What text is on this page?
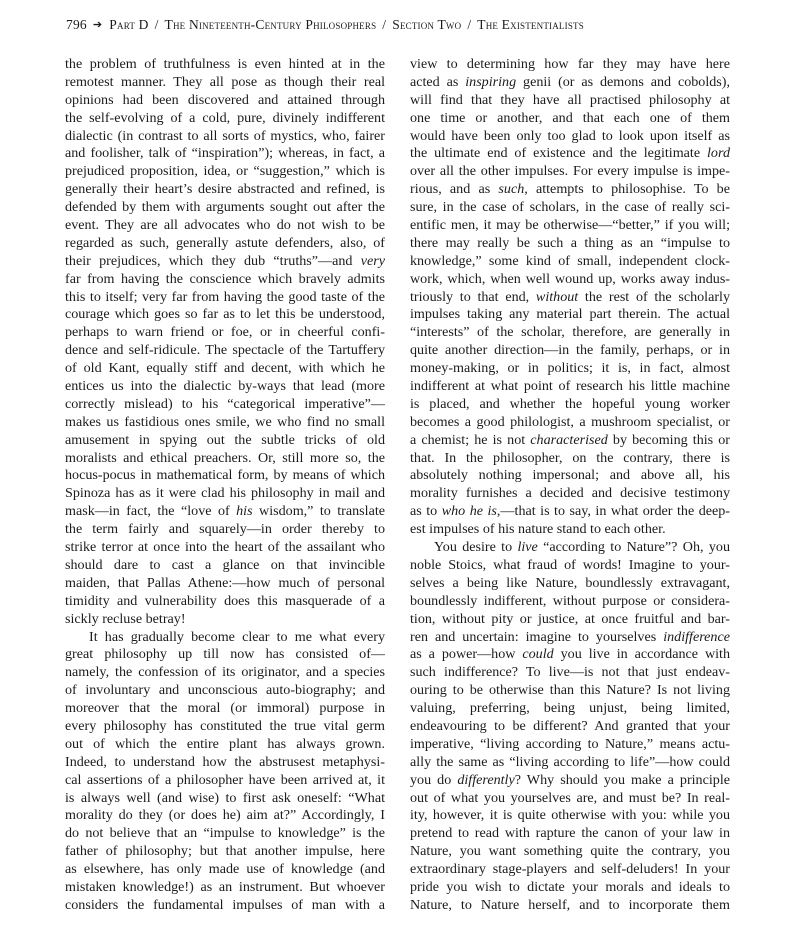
796 ➔ Part D / The Nineteenth-Century Philosophers / Section Two / The Existentialists
the problem of truthfulness is even hinted at in the
remotest manner. They all pose as though their real
opinions had been discovered and attained through
the self-evolving of a cold, pure, divinely indifferent
dialectic (in contrast to all sorts of mystics, who, fairer
and foolisher, talk of “inspiration”); whereas, in fact, a
prejudiced proposition, idea, or “suggestion,” which is
generally their heart’s desire abstracted and refined, is
defended by them with arguments sought out after the
event. They are all advocates who do not wish to be
regarded as such, generally astute defenders, also, of
their prejudices, which they dub “truths”—and very
far from having the conscience which bravely admits
this to itself; very far from having the good taste of the
courage which goes so far as to let this be understood,
perhaps to warn friend or foe, or in cheerful confi-
dence and self-ridicule. The spectacle of the Tartuffery
of old Kant, equally stiff and decent, with which he
entices us into the dialectic by-ways that lead (more
correctly mislead) to his “categorical imperative”—
makes us fastidious ones smile, we who find no small
amusement in spying out the subtle tricks of old
moralists and ethical preachers. Or, still more so, the
hocus-pocus in mathematical form, by means of which
Spinoza has as it were clad his philosophy in mail and
mask—in fact, the “love of his wisdom,” to translate
the term fairly and squarely—in order thereby to
strike terror at once into the heart of the assailant who
should dare to cast a glance on that invincible
maiden, that Pallas Athene:—how much of personal
timidity and vulnerability does this masquerade of a
sickly recluse betray!
It has gradually become clear to me what every
great philosophy up till now has consisted of—
namely, the confession of its originator, and a species
of involuntary and unconscious auto-biography; and
moreover that the moral (or immoral) purpose in
every philosophy has constituted the true vital germ
out of which the entire plant has always grown.
Indeed, to understand how the abstrusest metaphysi-
cal assertions of a philosopher have been arrived at, it
is always well (and wise) to first ask oneself: “What
morality do they (or does he) aim at?” Accordingly, I
do not believe that an “impulse to knowledge” is the
father of philosophy; but that another impulse, here
as elsewhere, has only made use of knowledge (and
mistaken knowledge!) as an instrument. But whoever
considers the fundamental impulses of man with a
view to determining how far they may have here
acted as inspiring genii (or as demons and cobolds),
will find that they have all practised philosophy at
one time or another, and that each one of them
would have been only too glad to look upon itself as
the ultimate end of existence and the legitimate lord
over all the other impulses. For every impulse is impe-
rious, and as such, attempts to philosophise. To be
sure, in the case of scholars, in the case of really sci-
entific men, it may be otherwise—“better,” if you will;
there may really be such a thing as an “impulse to
knowledge,” some kind of small, independent clock-
work, which, when well wound up, works away indus-
triously to that end, without the rest of the scholarly
impulses taking any material part therein. The actual
“interests” of the scholar, therefore, are generally in
quite another direction—in the family, perhaps, or in
money-making, or in politics; it is, in fact, almost
indifferent at what point of research his little machine
is placed, and whether the hopeful young worker
becomes a good philologist, a mushroom specialist, or
a chemist; he is not characterised by becoming this or
that. In the philosopher, on the contrary, there is
absolutely nothing impersonal; and above all, his
morality furnishes a decided and decisive testimony
as to who he is,—that is to say, in what order the deep-
est impulses of his nature stand to each other.
You desire to live “according to Nature”? Oh, you
noble Stoics, what fraud of words! Imagine to your-
selves a being like Nature, boundlessly extravagant,
boundlessly indifferent, without purpose or considera-
tion, without pity or justice, at once fruitful and bar-
ren and uncertain: imagine to yourselves indifference
as a power—how could you live in accordance with
such indifference? To live—is not that just endeav-
ouring to be otherwise than this Nature? Is not living
valuing, preferring, being unjust, being limited,
endeavouring to be different? And granted that your
imperative, “living according to Nature,” means actu-
ally the same as “living according to life”—how could
you do differently? Why should you make a principle
out of what you yourselves are, and must be? In real-
ity, however, it is quite otherwise with you: while you
pretend to read with rapture the canon of your law in
Nature, you want something quite the contrary, you
extraordinary stage-players and self-deluders! In your
pride you wish to dictate your morals and ideals to
Nature, to Nature herself, and to incorporate them
